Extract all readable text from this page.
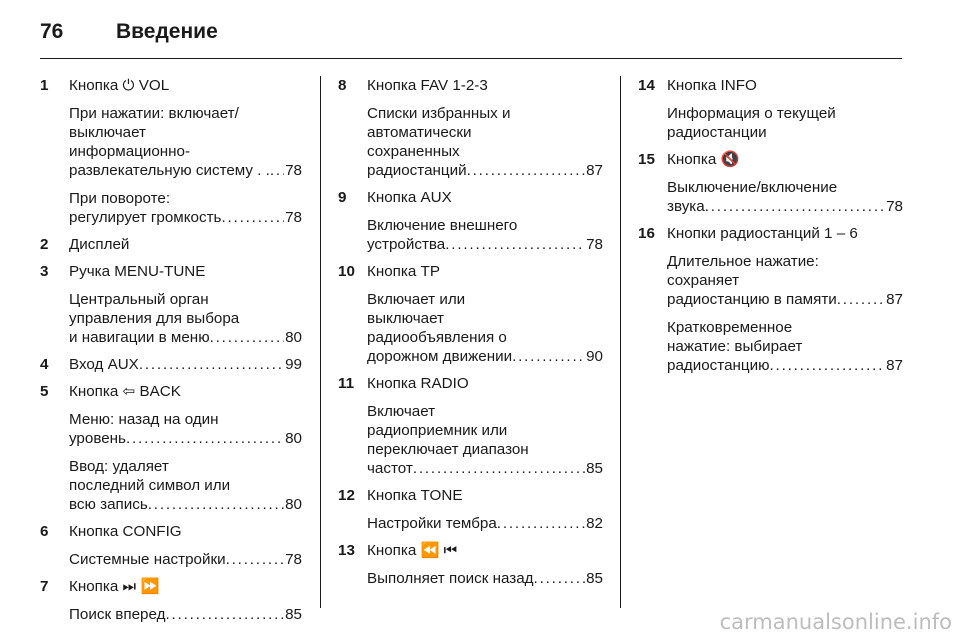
76	Введение
1 Кнопка ⏻ VOL
При нажатии: включает/
выключает
информационно-
развлекательную систему . . . . . 78
При повороте:
регулирует громкость . . .	78
2 Дисплей
3 Ручка MENU-TUNE
Центральный орган
управления для выбора
и навигации в меню . . .	80
4 Вход AUX . . .	99
5 Кнопка ⇦ BACK
Меню: назад на один
уровень . . .	80
Ввод: удаляет
последний символ или
всю запись . . .	80
6 Кнопка CONFIG
Системные настройки . . .	78
7 Кнопка ⏭ ⏩
Поиск вперед . . .	85
8 Кнопка FAV 1-2-3
Списки избранных и
автоматически
сохраненных
радиостанций . . .	87
9 Кнопка AUX
Включение внешнего
устройства . . .	78
10 Кнопка TP
Включает или
выключает
радиообъявления о
дорожном движении . . .	90
11 Кнопка RADIO
Включает
радиоприемник или
переключает диапазон
частот . . .	85
12 Кнопка TONE
Настройки тембра . . .	82
13 Кнопка ⏪ ⏮
Выполняет поиск назад . . .	85
14 Кнопка INFO
Информация о текущей
радиостанции
15 Кнопка 🔇
Выключение/включение
звука . . .	78
16 Кнопки радиостанций 1 – 6
Длительное нажатие:
сохраняет
радиостанцию в памяти . . .	87
Кратковременное
нажатие: выбирает
радиостанцию . . .	87
carmanualsonline.info
